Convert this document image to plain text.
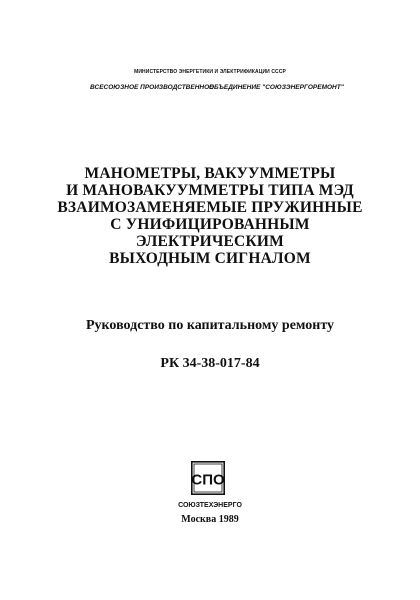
МИНИСТЕРСТВО ЭНЕРГЕТИКИ И ЭЛЕКТРИФИКАЦИИ СССР
ВСЕСОЮЗНОЕ ПРОИЗВОДСТВЕННОЕ
ОБЪЕДИНЕНИЕ "СОЮЗЭНЕРГОРЕМОНТ"
МАНОМЕТРЫ, ВАКУУММЕТРЫ
И МАНОВАКУУММЕТРЫ ТИПА МЭД
ВЗАИМОЗАМЕНЯЕМЫЕ ПРУЖИННЫЕ
С УНИФИЦИРОВАННЫМ
ЭЛЕКТРИЧЕСКИМ
ВЫХОДНЫМ СИГНАЛОМ
Руководство по капитальному ремонту
РК 34-38-017-84
СПО
СОЮЗТЕХЭНЕРГО
Москва 1989
